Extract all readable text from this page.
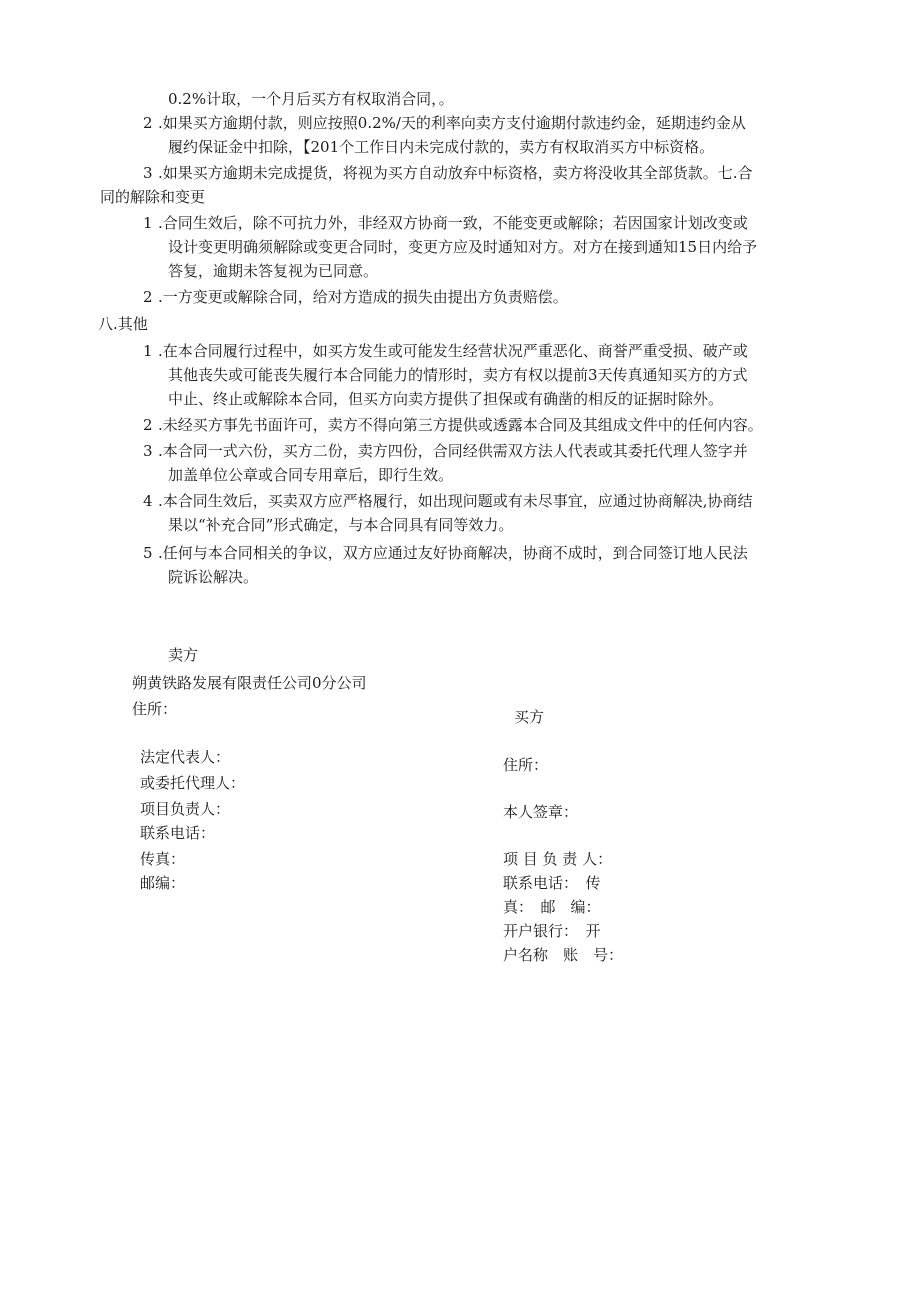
0.2%计取，一个月后买方有权取消合同，。
2 .如果买方逾期付款，则应按照0.2%/天的利率向卖方支付逾期付款违约金，延期违约金从
履约保证金中扣除，【201个工作日内未完成付款的，卖方有权取消买方中标资格。
3 .如果买方逾期未完成提货，将视为买方自动放弃中标资格，卖方将没收其全部货款。七.合
同的解除和变更
1 .合同生效后，除不可抗力外，非经双方协商一致，不能变更或解除；若因国家计划改变或
设计变更明确须解除或变更合同时，变更方应及时通知对方。对方在接到通知15日内给予
答复，逾期未答复视为已同意。
2 .一方变更或解除合同，给对方造成的损失由提出方负责赔偿。
八.其他
1 .在本合同履行过程中，如买方发生或可能发生经营状况严重恶化、商誉严重受损、破产或
其他丧失或可能丧失履行本合同能力的情形时，卖方有权以提前3天传真通知买方的方式
中止、终止或解除本合同，但买方向卖方提供了担保或有确凿的相反的证据时除外。
2 .未经买方事先书面许可，卖方不得向第三方提供或透露本合同及其组成文件中的任何内容。
3 .本合同一式六份，买方二份，卖方四份，合同经供需双方法人代表或其委托代理人签字并
加盖单位公章或合同专用章后，即行生效。
4 .本合同生效后，买卖双方应严格履行，如出现问题或有未尽事宜，应通过协商解决,协商结
果以“补充合同”形式确定，与本合同具有同等效力。
5 .任何与本合同相关的争议，双方应通过友好协商解决，协商不成时，到合同签订地人民法
院诉讼解决。
卖方
朔黄铁路发展有限责任公司0分公司
住所：
法定代表人：
或委托代理人：
项目负责人：
联系电话：
传真：
邮编：
买方
住所：
本人签章：
项 目 负 责 人：
联系电话：　传
真：　邮　编：
开户银行：　开
户名称　账　号：
